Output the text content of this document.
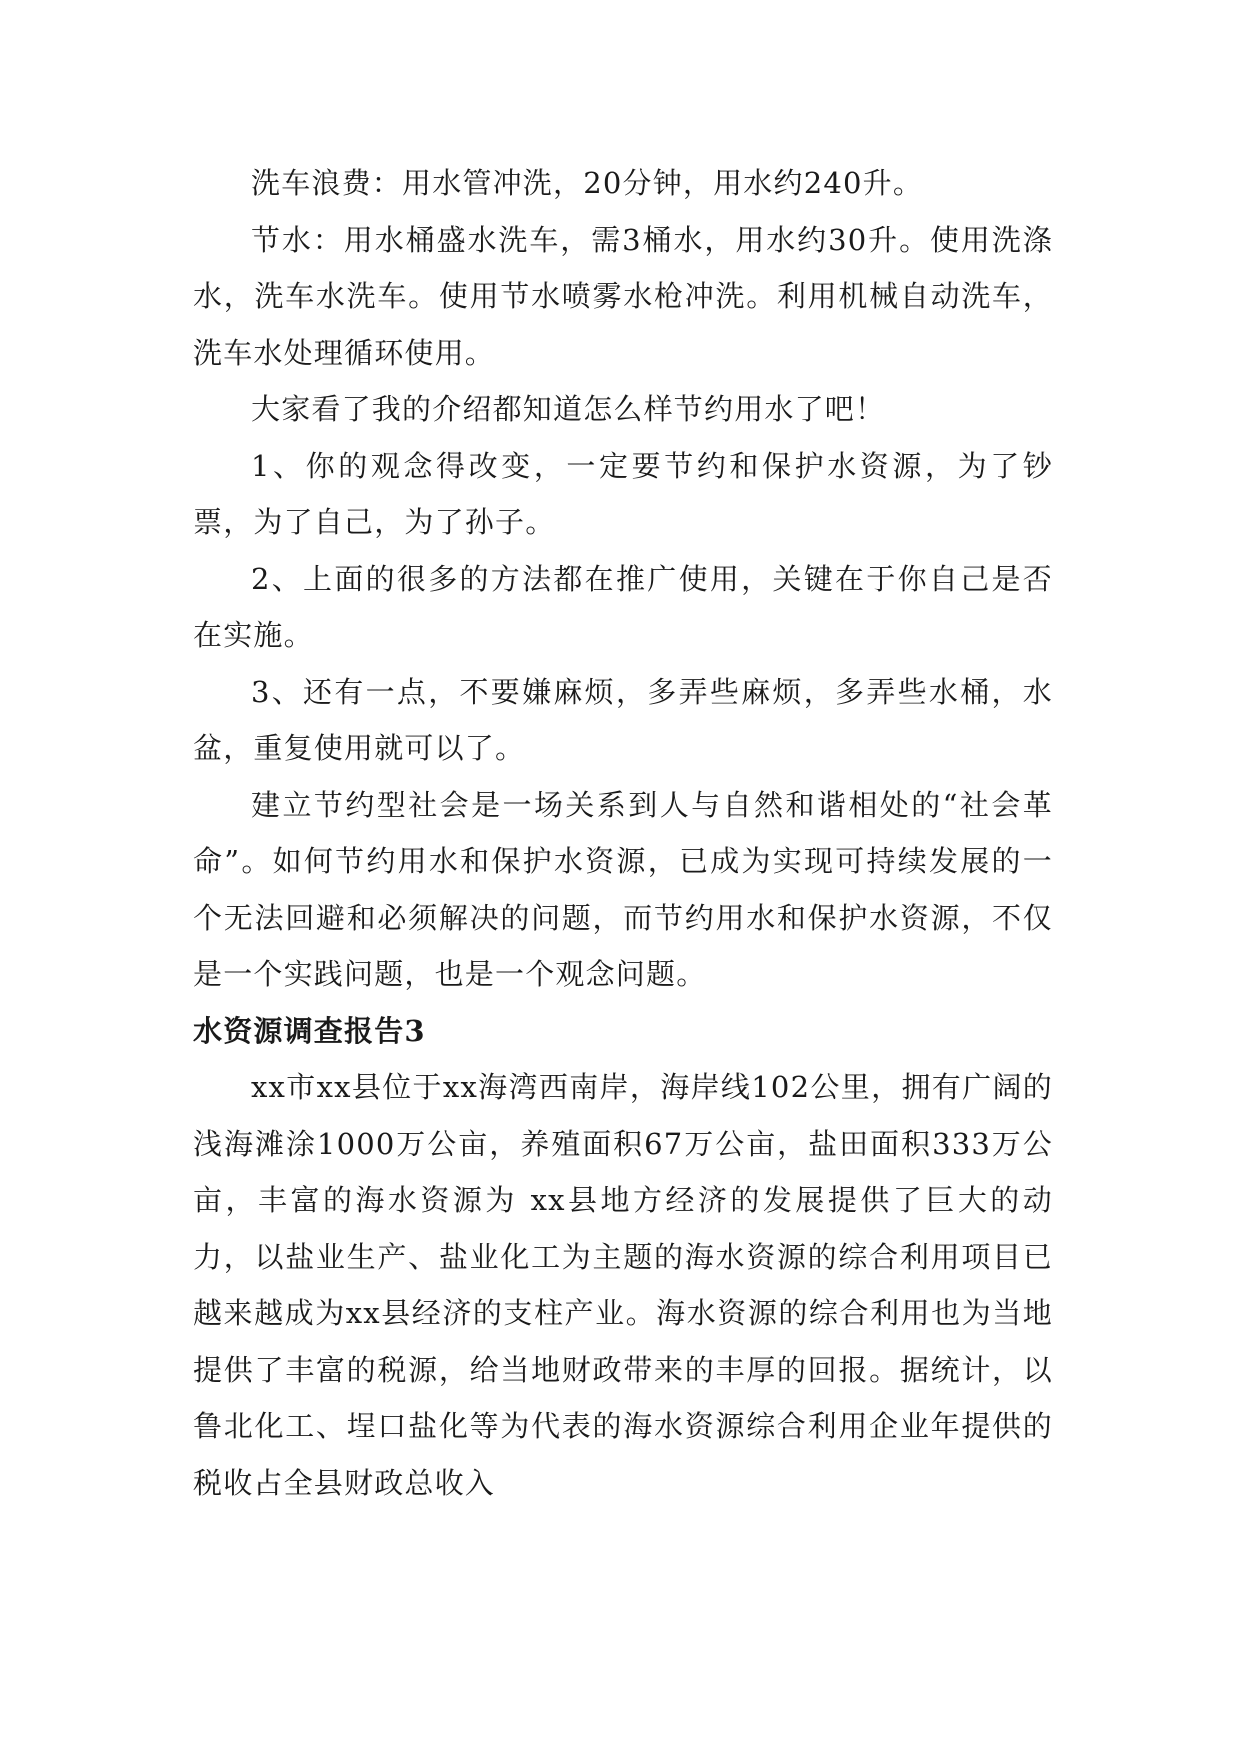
洗车浪费：用水管冲洗，20分钟，用水约240升。

节水：用水桶盛水洗车，需3桶水，用水约30升。使用洗涤水，洗车水洗车。使用节水喷雾水枪冲洗。利用机械自动洗车，洗车水处理循环使用。

大家看了我的介绍都知道怎么样节约用水了吧！

1、你的观念得改变，一定要节约和保护水资源，为了钞票，为了自己，为了孙子。

2、上面的很多的方法都在推广使用，关键在于你自己是否在实施。

3、还有一点，不要嫌麻烦，多弄些麻烦，多弄些水桶，水盆，重复使用就可以了。

建立节约型社会是一场关系到人与自然和谐相处的“社会革命”。如何节约用水和保护水资源，已成为实现可持续发展的一个无法回避和必须解决的问题，而节约用水和保护水资源，不仅是一个实践问题，也是一个观念问题。

水资源调查报告3

xx市xx县位于xx海湾西南岸，海岸线102公里，拥有广阔的浅海滩涂1000万公亩，养殖面积67万公亩，盐田面积333万公亩，丰富的海水资源为 xx县地方经济的发展提供了巨大的动力，以盐业生产、盐业化工为主题的海水资源的综合利用项目已越来越成为xx县经济的支柱产业。海水资源的综合利用也为当地提供了丰富的税源，给当地财政带来的丰厚的回报。据统计，以鲁北化工、埕口盐化等为代表的海水资源综合利用企业年提供的税收占全县财政总收入
